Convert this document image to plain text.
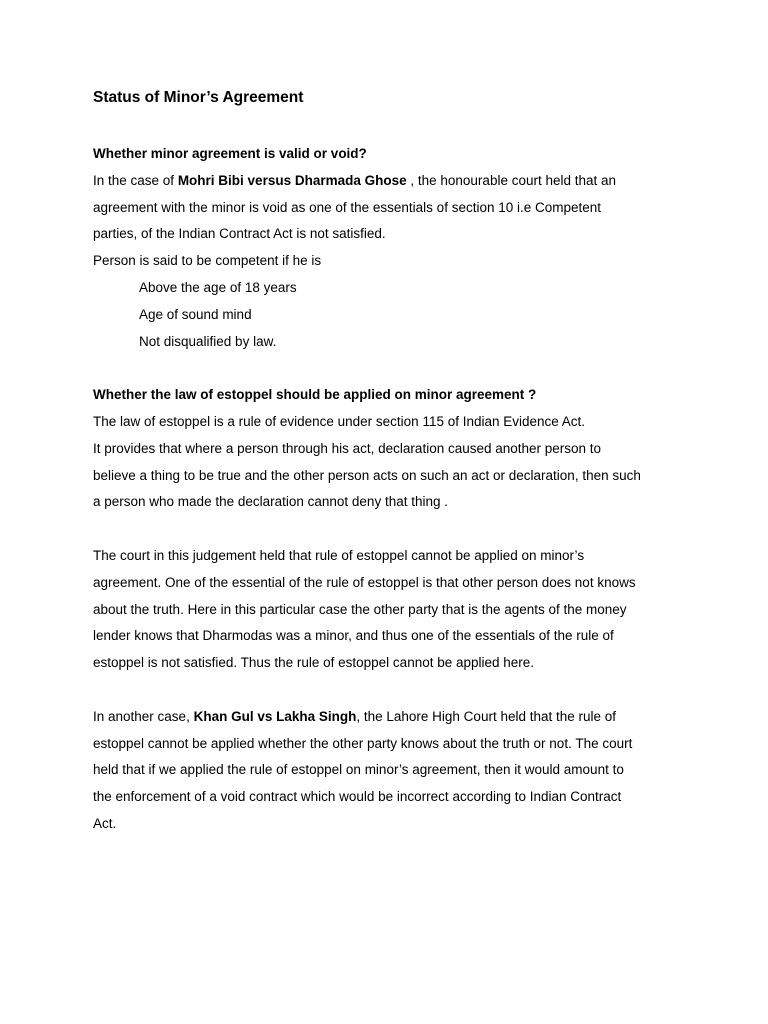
Status of Minor’s Agreement
Whether minor agreement is valid or void?
In the case of Mohri Bibi versus Dharmada Ghose , the honourable court held that an
agreement with the minor is void as one of the essentials of section 10 i.e Competent
parties, of the Indian Contract Act is not satisfied.
Person is said to be competent if he is
Above the age of 18 years
Age of sound mind
Not disqualified by law.
Whether the law of estoppel should be applied on minor agreement ?
The law of estoppel is a rule of evidence under section 115 of Indian Evidence Act.
It provides that where a person through his act, declaration caused another person to
believe a thing to be true and the other person acts on such an act or declaration, then such
a person who made the declaration cannot deny that thing .
The court in this judgement held that rule of estoppel cannot be applied on minor’s
agreement. One of the essential of the rule of estoppel is that other person does not knows
about the truth. Here in this particular case the other party that is the agents of the money
lender knows that Dharmodas was a minor, and thus one of the essentials of the rule of
estoppel is not satisfied. Thus the rule of estoppel cannot be applied here.
In another case, Khan Gul vs Lakha Singh, the Lahore High Court held that the rule of
estoppel cannot be applied whether the other party knows about the truth or not. The court
held that if we applied the rule of estoppel on minor’s agreement, then it would amount to
the enforcement of a void contract which would be incorrect according to Indian Contract
Act.
